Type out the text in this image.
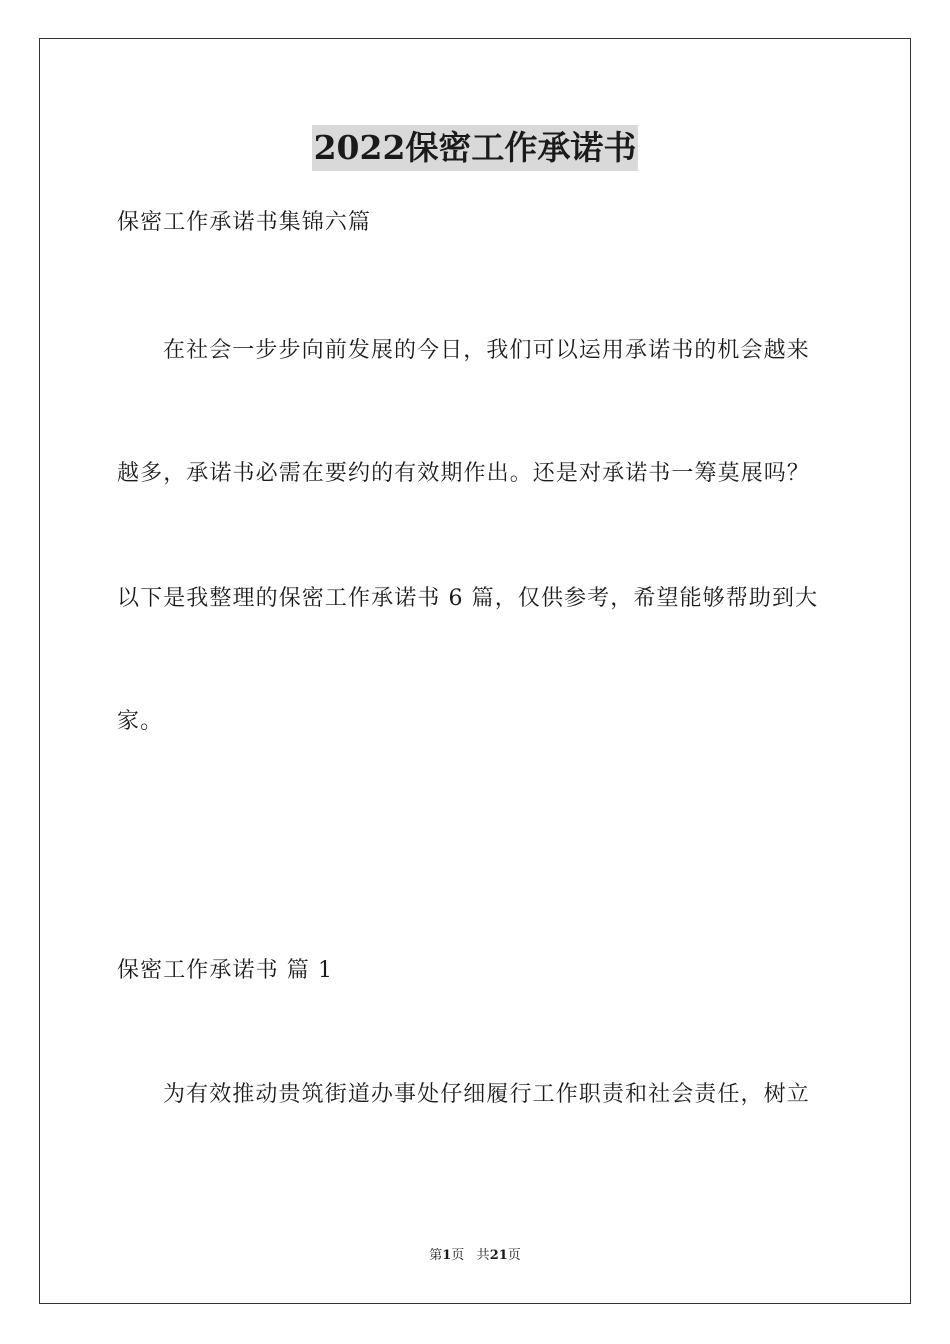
2022保密工作承诺书
保密工作承诺书集锦六篇
在社会一步步向前发展的今日，我们可以运用承诺书的机会越来
越多，承诺书必需在要约的有效期作出。还是对承诺书一筹莫展吗？
以下是我整理的保密工作承诺书 6 篇，仅供参考，希望能够帮助到大
家。
保密工作承诺书 篇 1
为有效推动贵筑街道办事处仔细履行工作职责和社会责任，树立
第1页 共21页
